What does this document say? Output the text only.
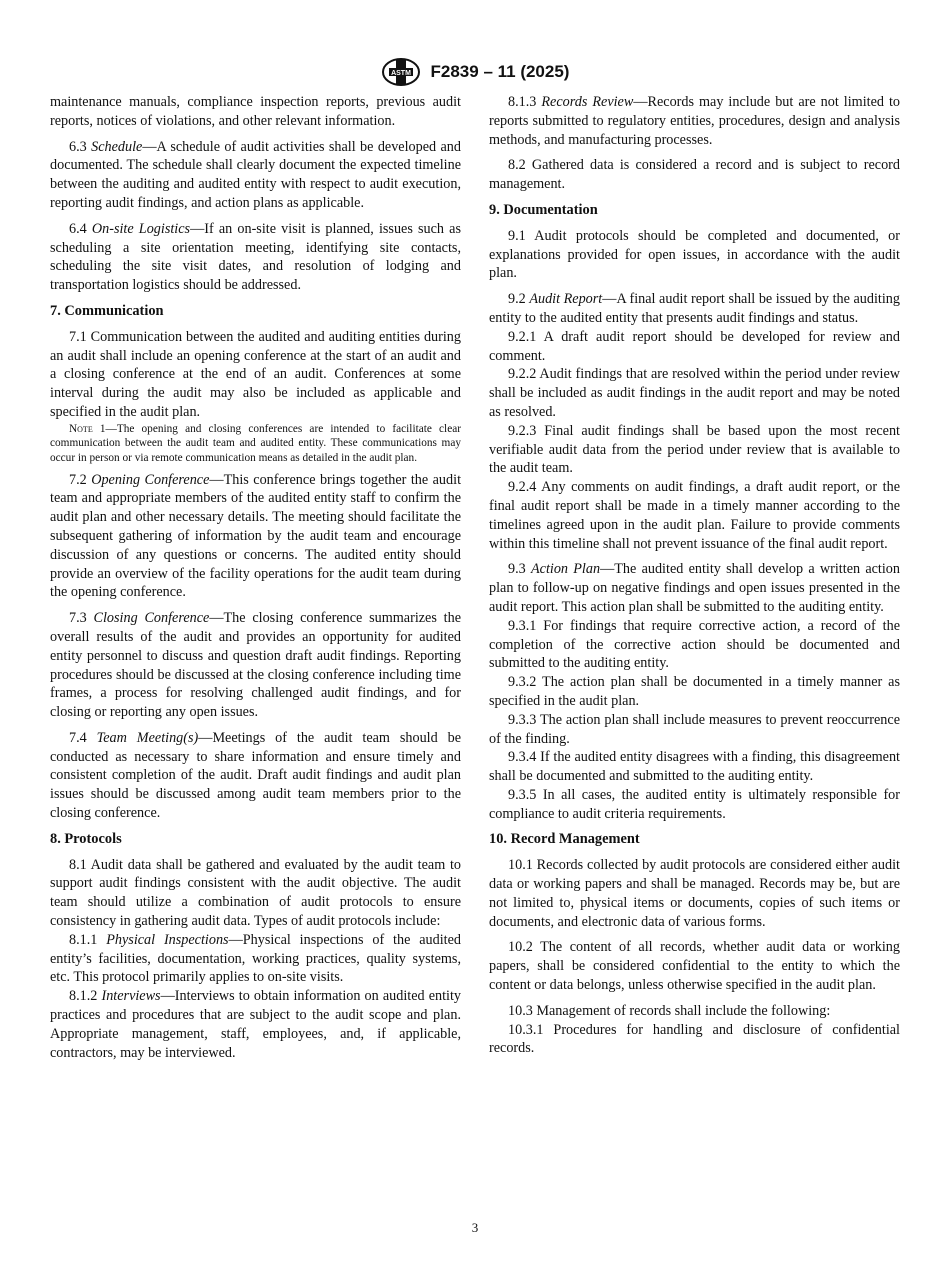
ASTM F2839 – 11 (2025)

maintenance manuals, compliance inspection reports, previous audit reports, notices of violations, and other relevant information.

6.3 Schedule—A schedule of audit activities shall be developed and documented. The schedule shall clearly document the expected timeline between the auditing and audited entity with respect to audit execution, reporting audit findings, and action plans as applicable.

6.4 On-site Logistics—If an on-site visit is planned, issues such as scheduling a site orientation meeting, identifying site contacts, scheduling the site visit dates, and resolution of lodging and transportation logistics should be addressed.

7. Communication

7.1 Communication between the audited and auditing entities during an audit shall include an opening conference at the start of an audit and a closing conference at the end of an audit. Conferences at some interval during the audit may also be included as applicable and specified in the audit plan.

Note 1—The opening and closing conferences are intended to facilitate clear communication between the audit team and audited entity. These communications may occur in person or via remote communication means as detailed in the audit plan.

7.2 Opening Conference—This conference brings together the audit team and appropriate members of the audited entity staff to confirm the audit plan and other necessary details. The meeting should facilitate the subsequent gathering of information by the audit team and encourage discussion of any questions or concerns. The audited entity should provide an overview of the facility operations for the audit team during the opening conference.

7.3 Closing Conference—The closing conference summarizes the overall results of the audit and provides an opportunity for audited entity personnel to discuss and question draft audit findings. Reporting procedures should be discussed at the closing conference including time frames, a process for resolving challenged audit findings, and for closing or reporting any open issues.

7.4 Team Meeting(s)—Meetings of the audit team should be conducted as necessary to share information and ensure timely and consistent completion of the audit. Draft audit findings and audit plan issues should be discussed among audit team members prior to the closing conference.

8. Protocols

8.1 Audit data shall be gathered and evaluated by the audit team to support audit findings consistent with the audit objective. The audit team should utilize a combination of audit protocols to ensure consistency in gathering audit data. Types of audit protocols include:

8.1.1 Physical Inspections—Physical inspections of the audited entity’s facilities, documentation, working practices, quality systems, etc. This protocol primarily applies to on-site visits.

8.1.2 Interviews—Interviews to obtain information on audited entity practices and procedures that are subject to the audit scope and plan. Appropriate management, staff, employees, and, if applicable, contractors, may be interviewed.

8.1.3 Records Review—Records may include but are not limited to reports submitted to regulatory entities, procedures, design and analysis methods, and manufacturing processes.

8.2 Gathered data is considered a record and is subject to record management.

9. Documentation

9.1 Audit protocols should be completed and documented, or explanations provided for open issues, in accordance with the audit plan.

9.2 Audit Report—A final audit report shall be issued by the auditing entity to the audited entity that presents audit findings and status.

9.2.1 A draft audit report should be developed for review and comment.

9.2.2 Audit findings that are resolved within the period under review shall be included as audit findings in the audit report and may be noted as resolved.

9.2.3 Final audit findings shall be based upon the most recent verifiable audit data from the period under review that is available to the audit team.

9.2.4 Any comments on audit findings, a draft audit report, or the final audit report shall be made in a timely manner according to the timelines agreed upon in the audit plan. Failure to provide comments within this timeline shall not prevent issuance of the final audit report.

9.3 Action Plan—The audited entity shall develop a written action plan to follow-up on negative findings and open issues presented in the audit report. This action plan shall be submitted to the auditing entity.

9.3.1 For findings that require corrective action, a record of the completion of the corrective action should be documented and submitted to the auditing entity.

9.3.2 The action plan shall be documented in a timely manner as specified in the audit plan.

9.3.3 The action plan shall include measures to prevent reoccurrence of the finding.

9.3.4 If the audited entity disagrees with a finding, this disagreement shall be documented and submitted to the auditing entity.

9.3.5 In all cases, the audited entity is ultimately responsible for compliance to audit criteria requirements.

10. Record Management

10.1 Records collected by audit protocols are considered either audit data or working papers and shall be managed. Records may be, but are not limited to, physical items or documents, copies of such items or documents, and electronic data of various forms.

10.2 The content of all records, whether audit data or working papers, shall be considered confidential to the entity to which the content or data belongs, unless otherwise specified in the audit plan.

10.3 Management of records shall include the following:

10.3.1 Procedures for handling and disclosure of confidential records.

3
